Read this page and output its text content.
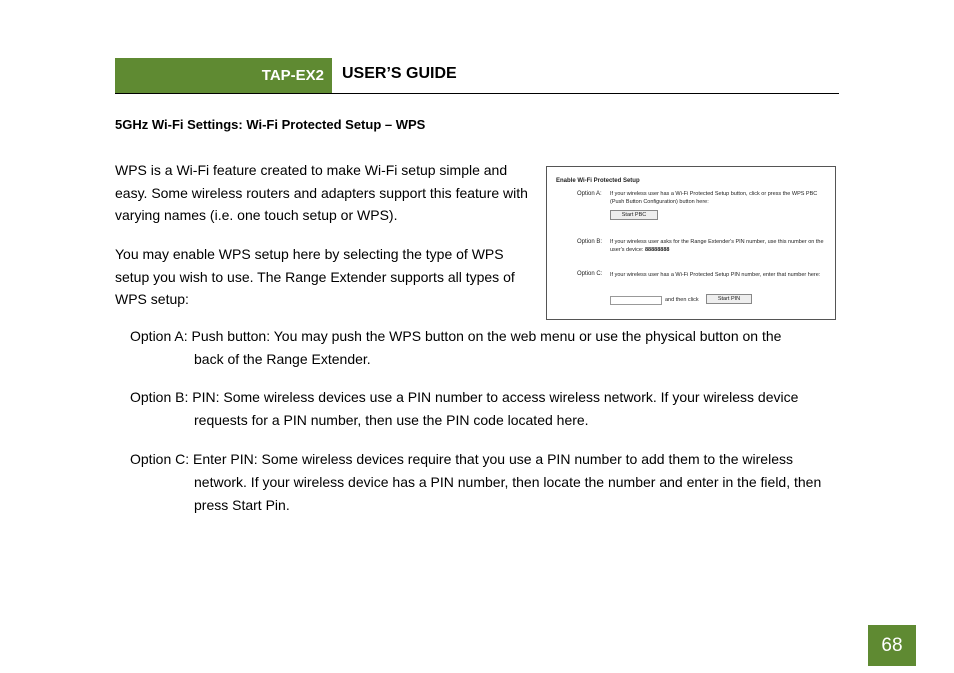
TAP-EX2 USER’S GUIDE
5GHz Wi-Fi Settings: Wi-Fi Protected Setup – WPS
WPS is a Wi-Fi feature created to make Wi-Fi setup simple and easy. Some wireless routers and adapters support this feature with varying names (i.e. one touch setup or WPS).
You may enable WPS setup here by selecting the type of WPS setup you wish to use. The Range Extender supports all types of WPS setup:
Enable Wi-Fi Protected Setup
Option A: If your wireless user has a Wi-Fi Protected Setup button, click or press the WPS PBC (Push Button Configuration) button here:
Start PBC
Option B: If your wireless user asks for the Range Extender's PIN number, use this number on the user's device: 88888888
Option C: If your wireless user has a Wi-Fi Protected Setup PIN number, enter that number here:
and then click	Start PIN
Option A: Push button: You may push the WPS button on the web menu or use the physical button on the
back of the Range Extender.
Option B: PIN: Some wireless devices use a PIN number to access wireless network. If your wireless device
requests for a PIN number, then use the PIN code located here.
Option C: Enter PIN: Some wireless devices require that you use a PIN number to add them to the wireless
network. If your wireless device has a PIN number, then locate the number and enter in the field, then press Start Pin.
68
